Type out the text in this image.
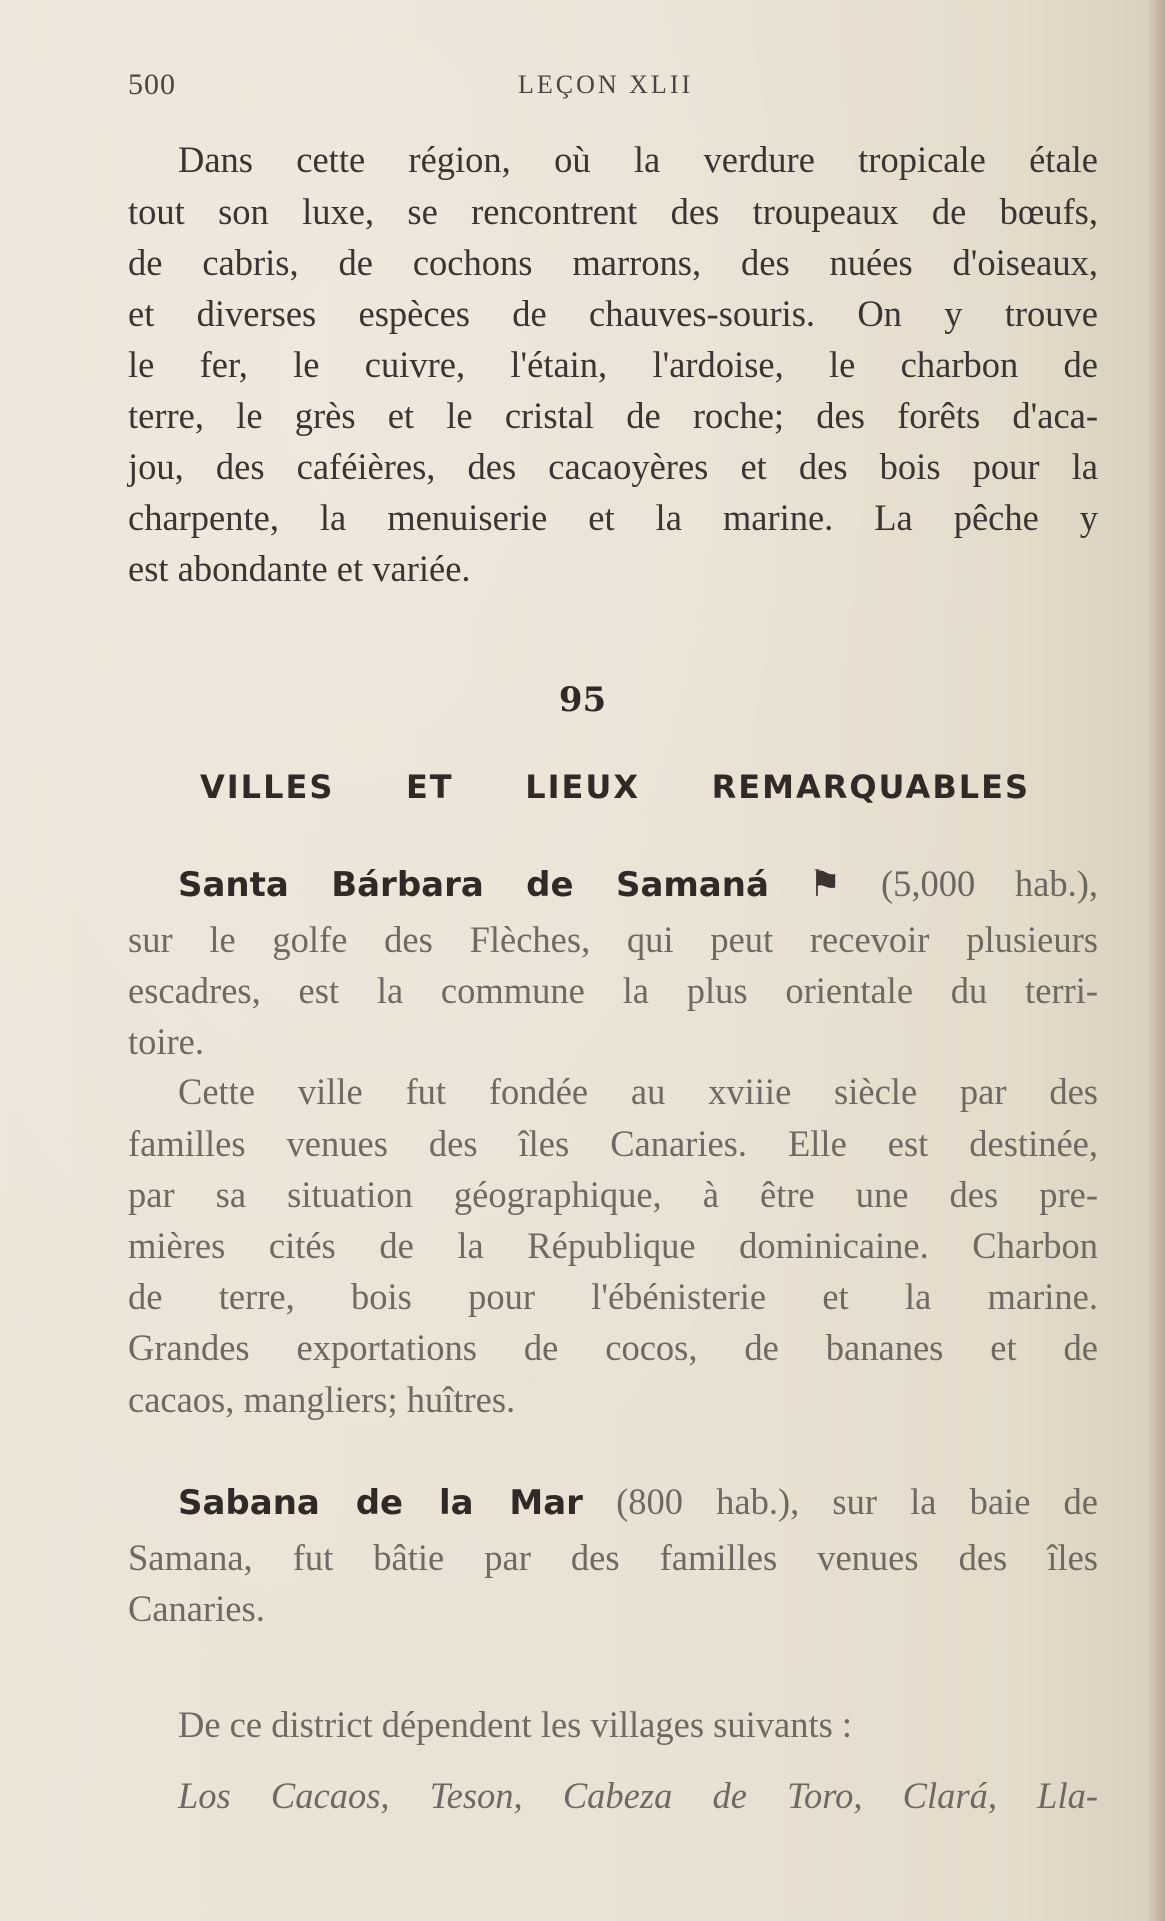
500	LEÇON XLII
Dans cette région, où la verdure tropicale étale
tout son luxe, se rencontrent des troupeaux de bœufs,
de cabris, de cochons marrons, des nuées d'oiseaux,
et diverses espèces de chauves-souris. On y trouve
le fer, le cuivre, l'étain, l'ardoise, le charbon de
terre, le grès et le cristal de roche; des forêts d'aca-
jou, des caféières, des cacaoyères et des bois pour la
charpente, la menuiserie et la marine. La pêche y
est abondante et variée.
95
VILLES ET LIEUX REMARQUABLES
Santa Bárbara de Samaná ⚑ (5,000 hab.),
sur le golfe des Flèches, qui peut recevoir plusieurs
escadres, est la commune la plus orientale du terri-
toire.
Cette ville fut fondée au xviiie siècle par des
familles venues des îles Canaries. Elle est destinée,
par sa situation géographique, à être une des pre-
mières cités de la République dominicaine. Charbon
de terre, bois pour l'ébénisterie et la marine.
Grandes exportations de cocos, de bananes et de
cacaos, mangliers; huîtres.
Sabana de la Mar (800 hab.), sur la baie de
Samana, fut bâtie par des familles venues des îles
Canaries.
De ce district dépendent les villages suivants :
Los Cacaos, Teson, Cabeza de Toro, Clará, Lla-
